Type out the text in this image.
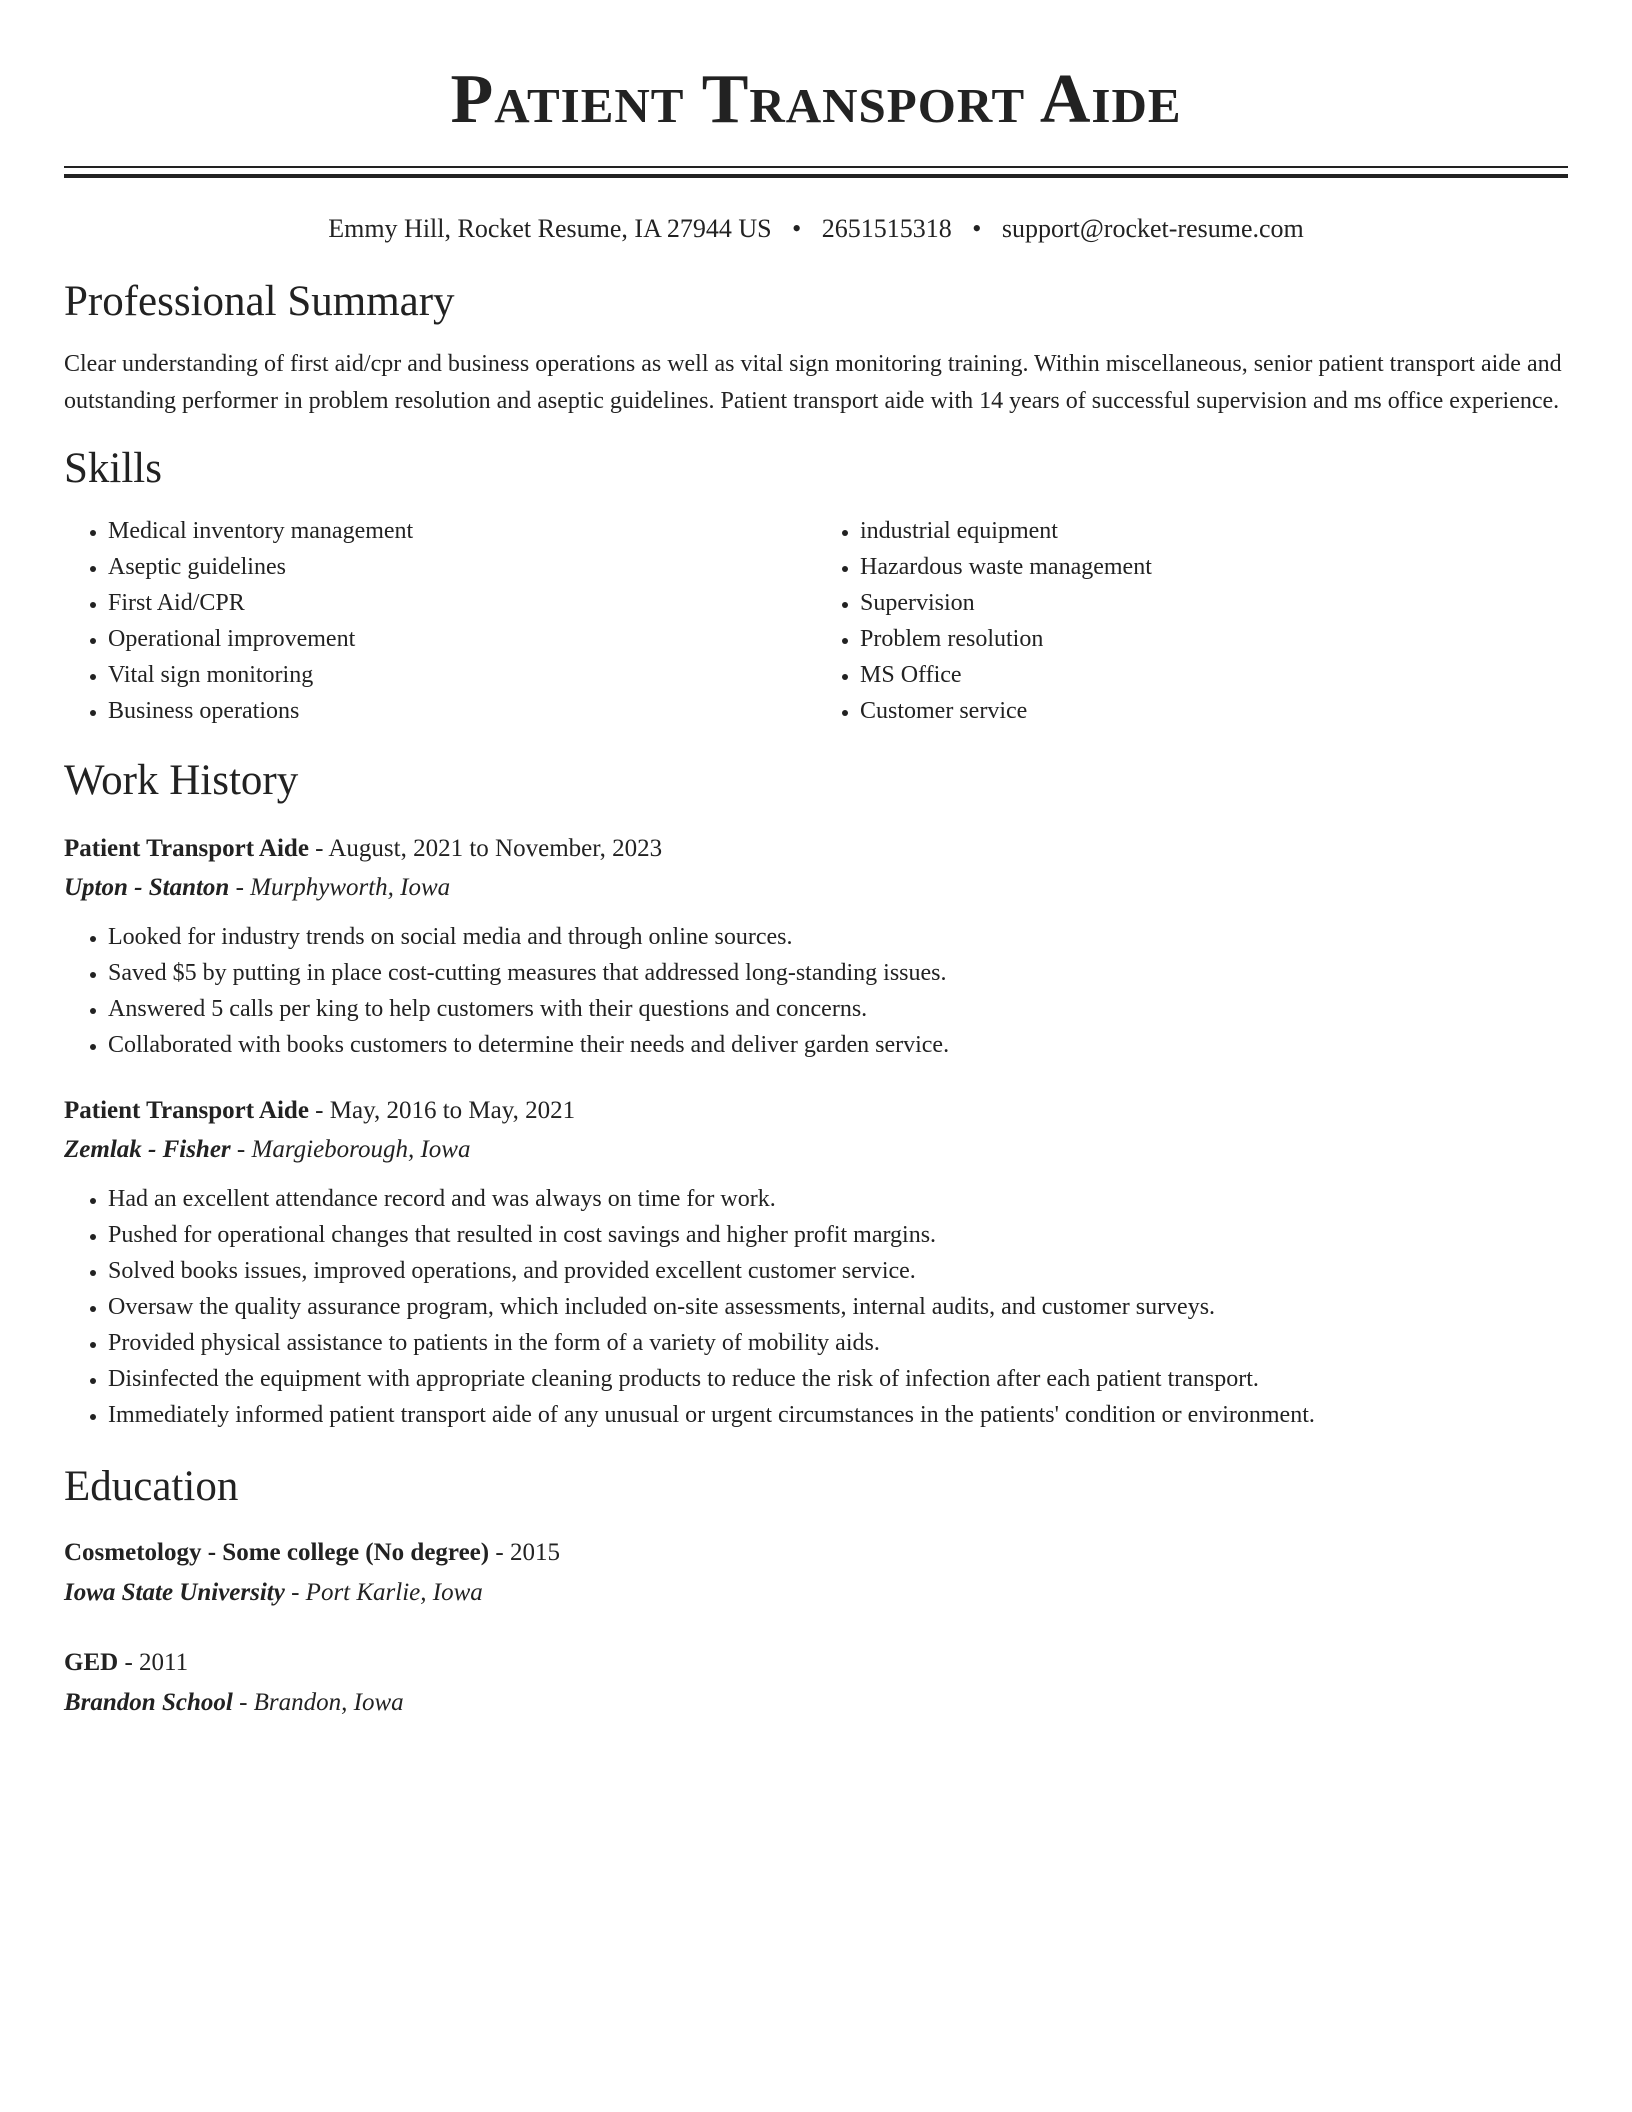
Patient Transport Aide
Emmy Hill, Rocket Resume, IA 27944 US • 2651515318 • support@rocket-resume.com
Professional Summary
Clear understanding of first aid/cpr and business operations as well as vital sign monitoring training. Within miscellaneous, senior patient transport aide and outstanding performer in problem resolution and aseptic guidelines. Patient transport aide with 14 years of successful supervision and ms office experience.
Skills
• Medical inventory management
• Aseptic guidelines
• First Aid/CPR
• Operational improvement
• Vital sign monitoring
• Business operations
• industrial equipment
• Hazardous waste management
• Supervision
• Problem resolution
• MS Office
• Customer service
Work History
Patient Transport Aide - August, 2021 to November, 2023
Upton - Stanton - Murphyworth, Iowa
• Looked for industry trends on social media and through online sources.
• Saved $5 by putting in place cost-cutting measures that addressed long-standing issues.
• Answered 5 calls per king to help customers with their questions and concerns.
• Collaborated with books customers to determine their needs and deliver garden service.
Patient Transport Aide - May, 2016 to May, 2021
Zemlak - Fisher - Margieborough, Iowa
• Had an excellent attendance record and was always on time for work.
• Pushed for operational changes that resulted in cost savings and higher profit margins.
• Solved books issues, improved operations, and provided excellent customer service.
• Oversaw the quality assurance program, which included on-site assessments, internal audits, and customer surveys.
• Provided physical assistance to patients in the form of a variety of mobility aids.
• Disinfected the equipment with appropriate cleaning products to reduce the risk of infection after each patient transport.
• Immediately informed patient transport aide of any unusual or urgent circumstances in the patients' condition or environment.
Education
Cosmetology - Some college (No degree) - 2015
Iowa State University - Port Karlie, Iowa
GED - 2011
Brandon School - Brandon, Iowa
